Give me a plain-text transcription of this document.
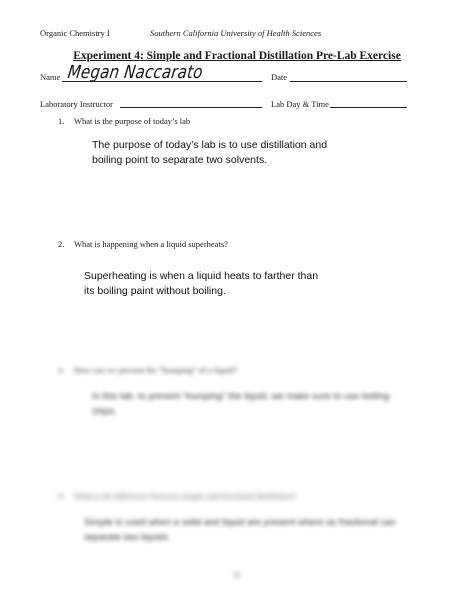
Organic Chemistry I	Southern California University of Health Sciences
Experiment 4: Simple and Fractional Distillation Pre-Lab Exercise
Name Megan Naccarato	Date
Laboratory Instructor	Lab Day & Time
1. What is the purpose of today’s lab
The purpose of today’s lab is to use distillation and
boiling point to separate two solvents.
2. What is happening when a liquid superheats?
Superheating is when a liquid heats to farther than
its boiling paint without boiling.
3. How can we prevent the “bumping” of a liquid?
In this lab, to prevent “bumping” the liquid, we make sure to use boiling
chips.
4. What is the difference between simple and fractional distillation?
Simple is used when a solid and liquid are present where as fractional can
separate two liquids.
22
